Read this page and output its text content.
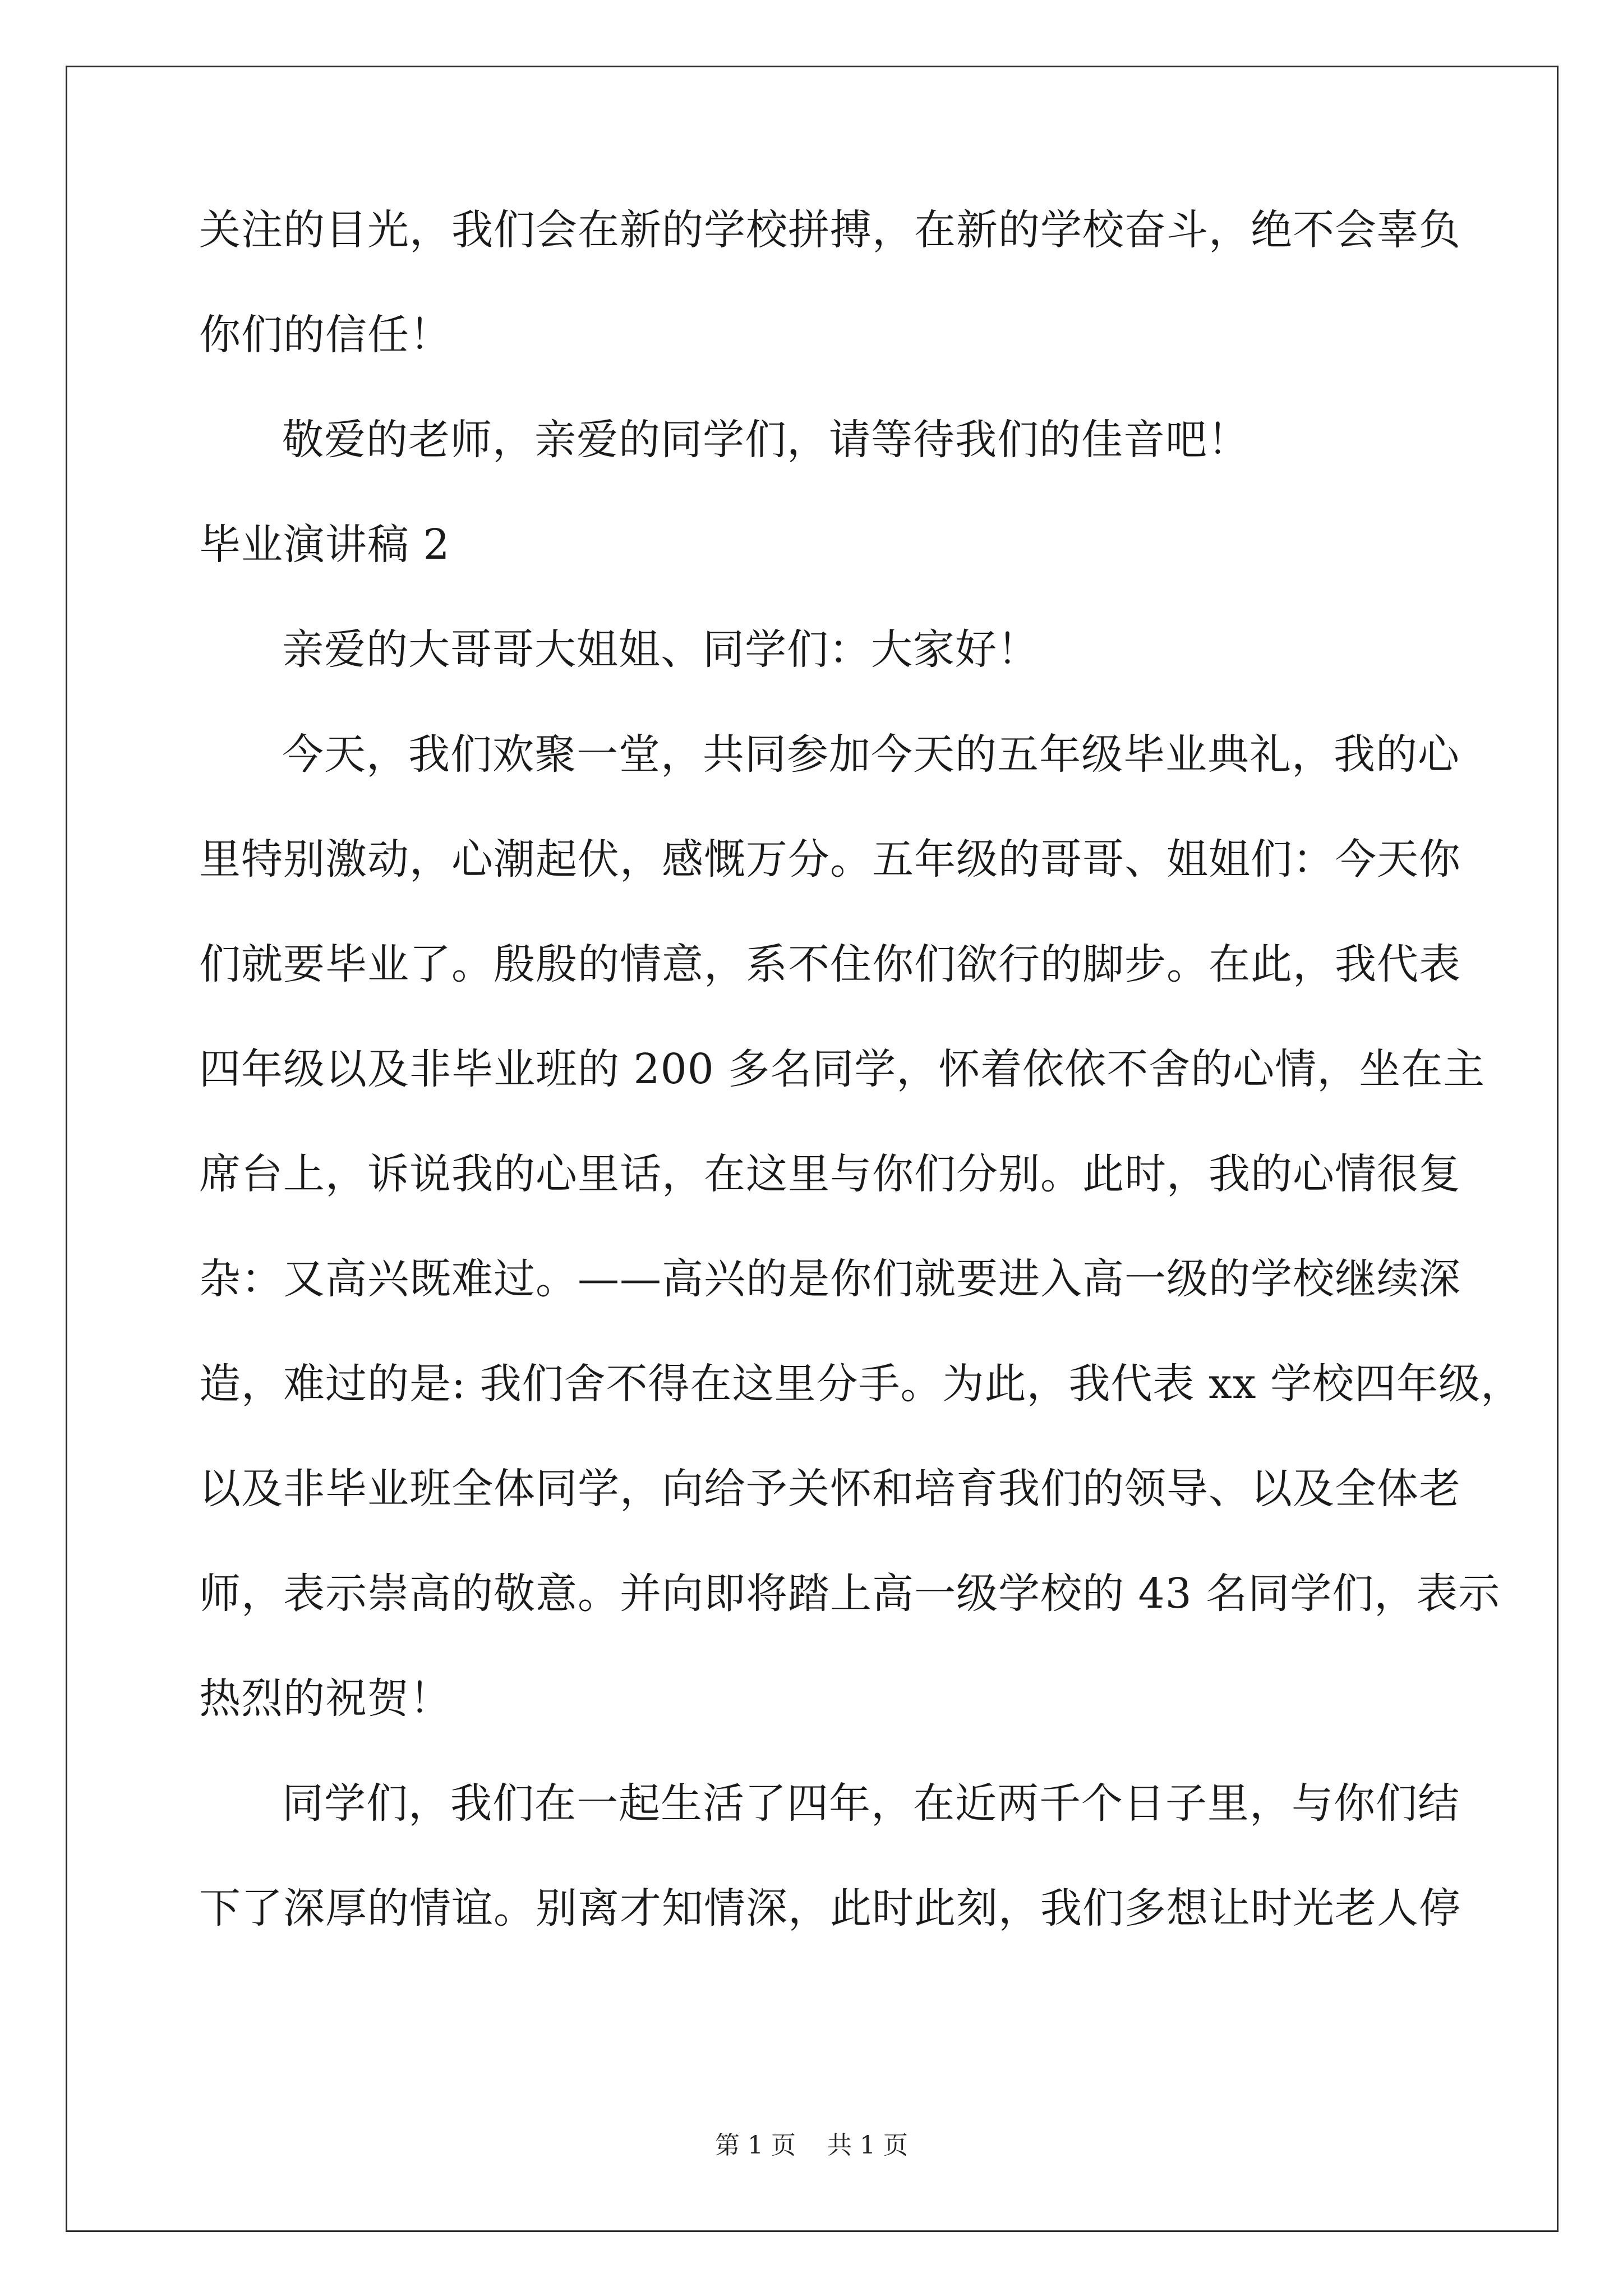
关注的目光，我们会在新的学校拼搏，在新的学校奋斗，绝不会辜负
你们的信任！
敬爱的老师，亲爱的同学们，请等待我们的佳音吧！
毕业演讲稿 2
亲爱的大哥哥大姐姐、同学们：大家好！
今天，我们欢聚一堂，共同参加今天的五年级毕业典礼，我的心
里特别激动，心潮起伏，感慨万分。五年级的哥哥、姐姐们：今天你
们就要毕业了。殷殷的情意，系不住你们欲行的脚步。在此，我代表
四年级以及非毕业班的 200 多名同学，怀着依依不舍的心情，坐在主
席台上，诉说我的心里话，在这里与你们分别。此时，我的心情很复
杂：又高兴既难过。——高兴的是你们就要进入高一级的学校继续深
造，难过的是: 我们舍不得在这里分手。为此，我代表 xx 学校四年级，
以及非毕业班全体同学，向给予关怀和培育我们的领导、以及全体老
师，表示崇高的敬意。并向即将踏上高一级学校的 43 名同学们，表示
热烈的祝贺！
同学们，我们在一起生活了四年，在近两千个日子里，与你们结
下了深厚的情谊。别离才知情深，此时此刻，我们多想让时光老人停
第 1 页 共 1 页
